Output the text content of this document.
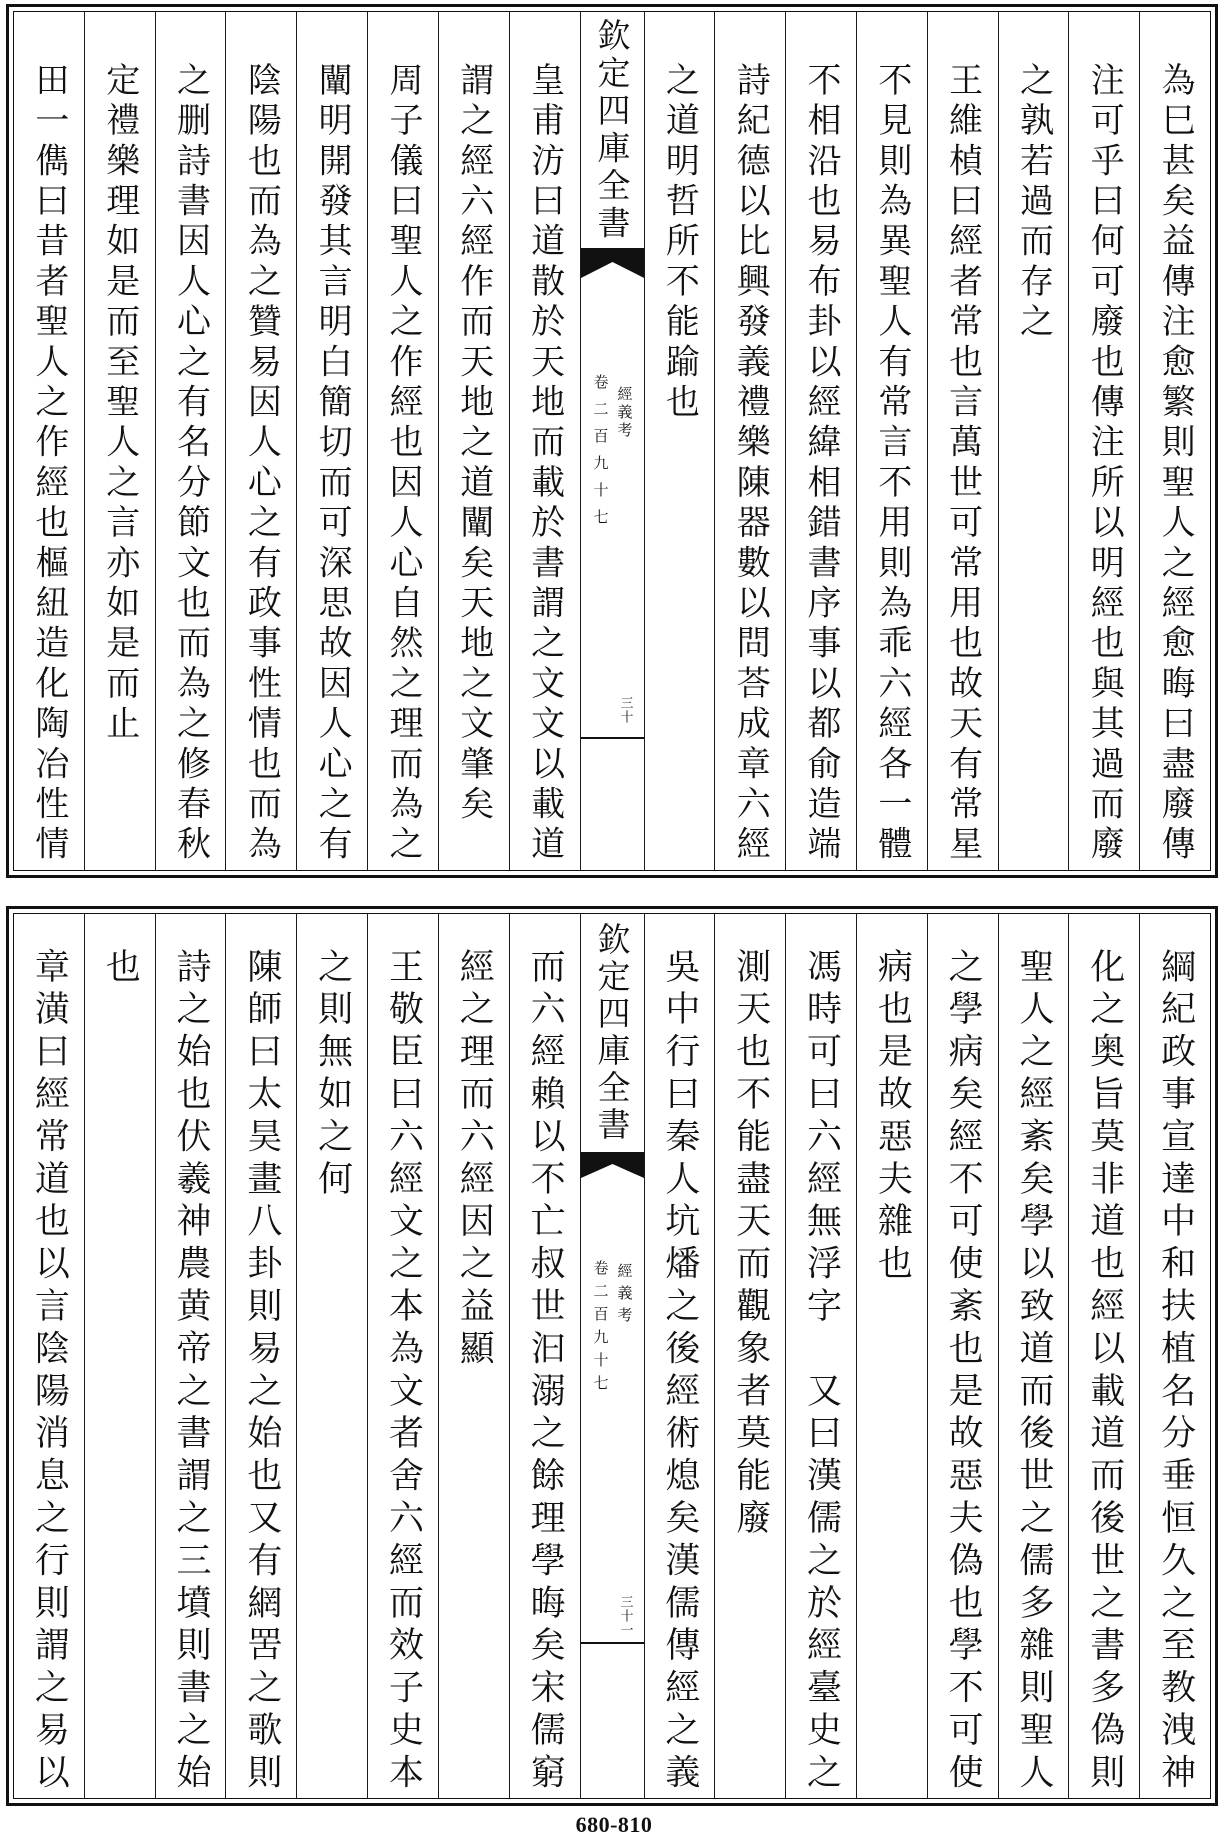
為巳甚矣益傳注愈繁則聖人之經愈晦曰盡廢傳
注可乎曰何可廢也傳注所以明經也與其過而廢
之孰若過而存之
王維楨曰經者常也言萬世可常用也故天有常星
不見則為異聖人有常言不用則為乖六經各一體
不相沿也易布卦以經緯相錯書序事以都俞造端
詩紀德以比興發義禮樂陳器數以問荅成章六經
之道明哲所不能踰也
欽定四庫全書
經義考
卷二百九十七
三十
皇甫汸曰道散於天地而載於書謂之文文以載道
謂之經六經作而天地之道闡矣天地之文肇矣
周子儀曰聖人之作經也因人心自然之理而為之
闡明開發其言明白簡切而可深思故因人心之有
陰陽也而為之贊易因人心之有政事性情也而為
之删詩書因人心之有名分節文也而為之修春秋
定禮樂理如是而至聖人之言亦如是而止
田一儁曰昔者聖人之作經也樞紐造化陶冶性情
綱紀政事宣達中和扶植名分垂恒久之至教洩神
化之奥旨莫非道也經以載道而後世之書多偽則
聖人之經紊矣學以致道而後世之儒多雜則聖人
之學病矣經不可使紊也是故惡夫偽也學不可使
病也是故惡夫雜也
馮時可曰六經無浮字　又曰漢儒之於經臺史之
測天也不能盡天而觀象者莫能廢
吳中行曰秦人坑燔之後經術熄矣漢儒傳經之義
欽定四庫全書
經義考
卷二百九十七
三十一
而六經賴以不亡叔世汩溺之餘理學晦矣宋儒窮
經之理而六經因之益顯
王敬臣曰六經文之本為文者舍六經而效子史本
之則無如之何
陳師曰太昊畫八卦則易之始也又有網罟之歌則
詩之始也伏羲神農黄帝之書謂之三墳則書之始
也
章潢曰經常道也以言陰陽消息之行則謂之易以
680-810
